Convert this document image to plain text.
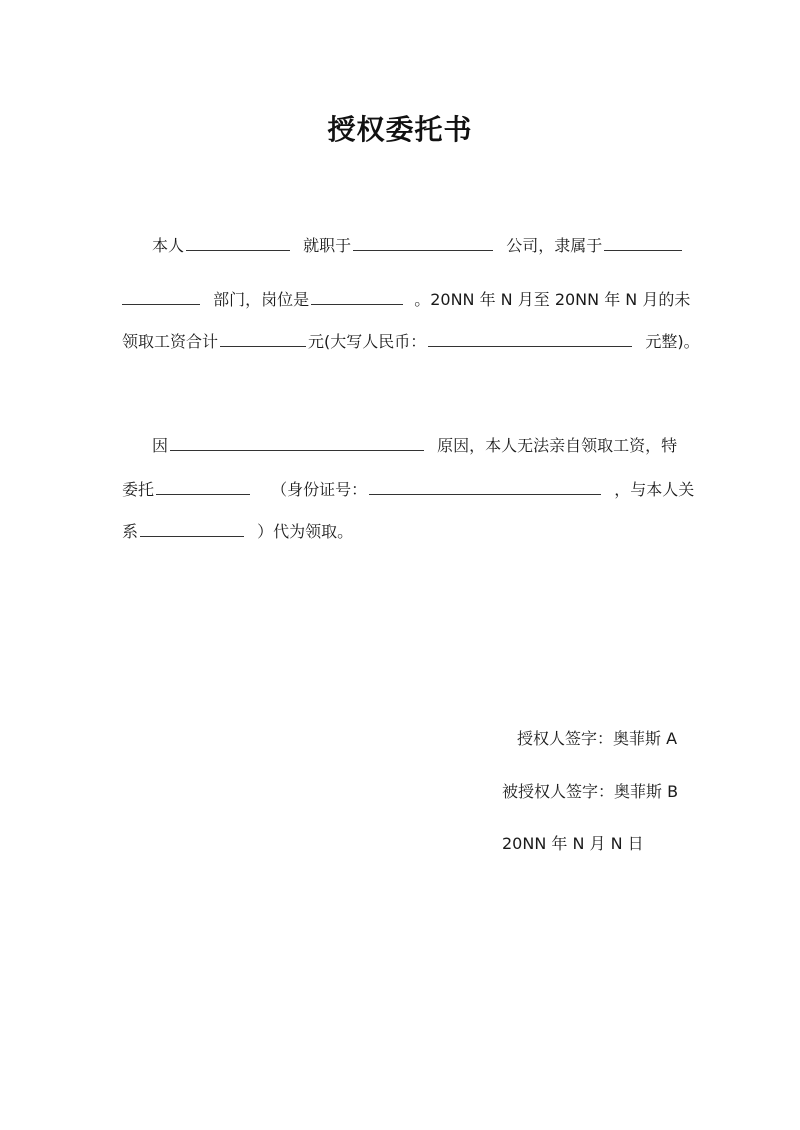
授权委托书
本人	就职于	公司，隶属于
部门，岗位是	。20NN 年 N 月至 20NN 年 N 月的未
领取工资合计	元(大写人民币：	元整)。
因	原因，本人无法亲自领取工资，特
委托	（身份证号：	，与本人关
系	）代为领取。
授权人签字：奥菲斯 A
被授权人签字：奥菲斯 B
20NN 年 N 月 N 日
